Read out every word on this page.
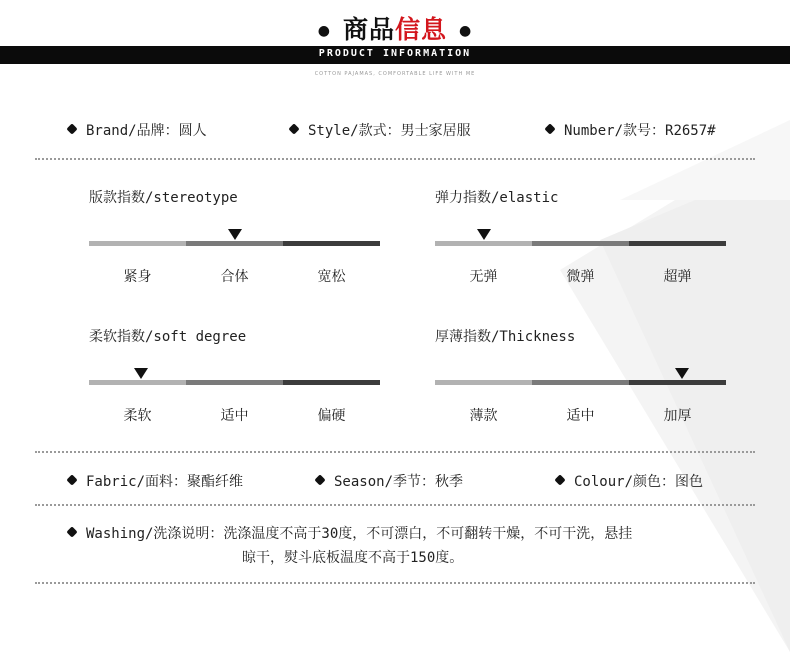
● 商品信息 ●
PRODUCT INFORMATION
COTTON PAJAMAS, COMFORTABLE LIFE WITH ME
Brand/品牌：圆人	Style/款式：男士家居服	Number/款号：R2657#
版款指数/stereotype
紧身	合体	宽松
弹力指数/elastic
无弹	微弹	超弹
柔软指数/soft degree
柔软	适中	偏硬
厚薄指数/Thickness
薄款	适中	加厚
Fabric/面料：聚酯纤维	Season/季节：秋季	Colour/颜色：图色
Washing/洗涤说明：洗涤温度不高于30度，不可漂白，不可翻转干燥，不可干洗，悬挂
晾干，熨斗底板温度不高于150度。
